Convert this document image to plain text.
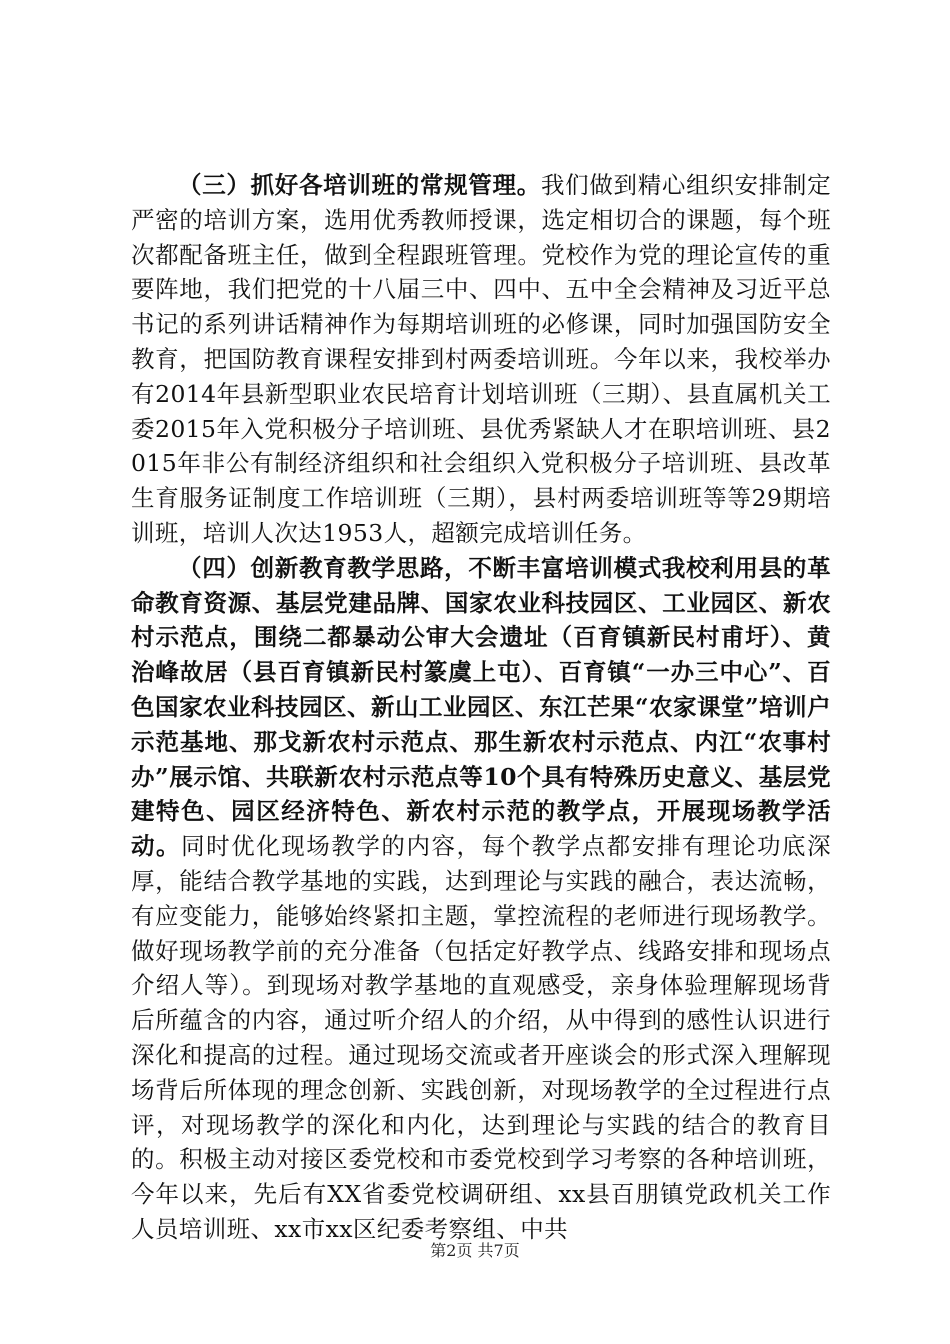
（三）抓好各培训班的常规管理。我们做到精心组织安排制定严密的培训方案，选用优秀教师授课，选定相切合的课题，每个班次都配备班主任，做到全程跟班管理。党校作为党的理论宣传的重要阵地，我们把党的十八届三中、四中、五中全会精神及习近平总书记的系列讲话精神作为每期培训班的必修课，同时加强国防安全教育，把国防教育课程安排到村两委培训班。今年以来，我校举办有2014年县新型职业农民培育计划培训班（三期）、县直属机关工委2015年入党积极分子培训班、县优秀紧缺人才在职培训班、县2015年非公有制经济组织和社会组织入党积极分子培训班、县改革生育服务证制度工作培训班（三期），县村两委培训班等等29期培训班，培训人次达1953人，超额完成培训任务。

（四）创新教育教学思路，不断丰富培训模式我校利用县的革命教育资源、基层党建品牌、国家农业科技园区、工业园区、新农村示范点，围绕二都暴动公审大会遗址（百育镇新民村甫圩）、黄治峰故居（县百育镇新民村篆虞上屯）、百育镇“一办三中心”、百色国家农业科技园区、新山工业园区、东江芒果“农家课堂”培训户示范基地、那戈新农村示范点、那生新农村示范点、内江“农事村办”展示馆、共联新农村示范点等10个具有特殊历史意义、基层党建特色、园区经济特色、新农村示范的教学点，开展现场教学活动。同时优化现场教学的内容，每个教学点都安排有理论功底深厚，能结合教学基地的实践，达到理论与实践的融合，表达流畅，有应变能力，能够始终紧扣主题，掌控流程的老师进行现场教学。做好现场教学前的充分准备（包括定好教学点、线路安排和现场点介绍人等）。到现场对教学基地的直观感受，亲身体验理解现场背后所蕴含的内容，通过听介绍人的介绍，从中得到的感性认识进行深化和提高的过程。通过现场交流或者开座谈会的形式深入理解现场背后所体现的理念创新、实践创新，对现场教学的全过程进行点评，对现场教学的深化和内化，达到理论与实践的结合的教育目的。积极主动对接区委党校和市委党校到学习考察的各种培训班，今年以来，先后有XX省委党校调研组、xx县百朋镇党政机关工作人员培训班、xx市xx区纪委考察组、中共

第2页 共7页
